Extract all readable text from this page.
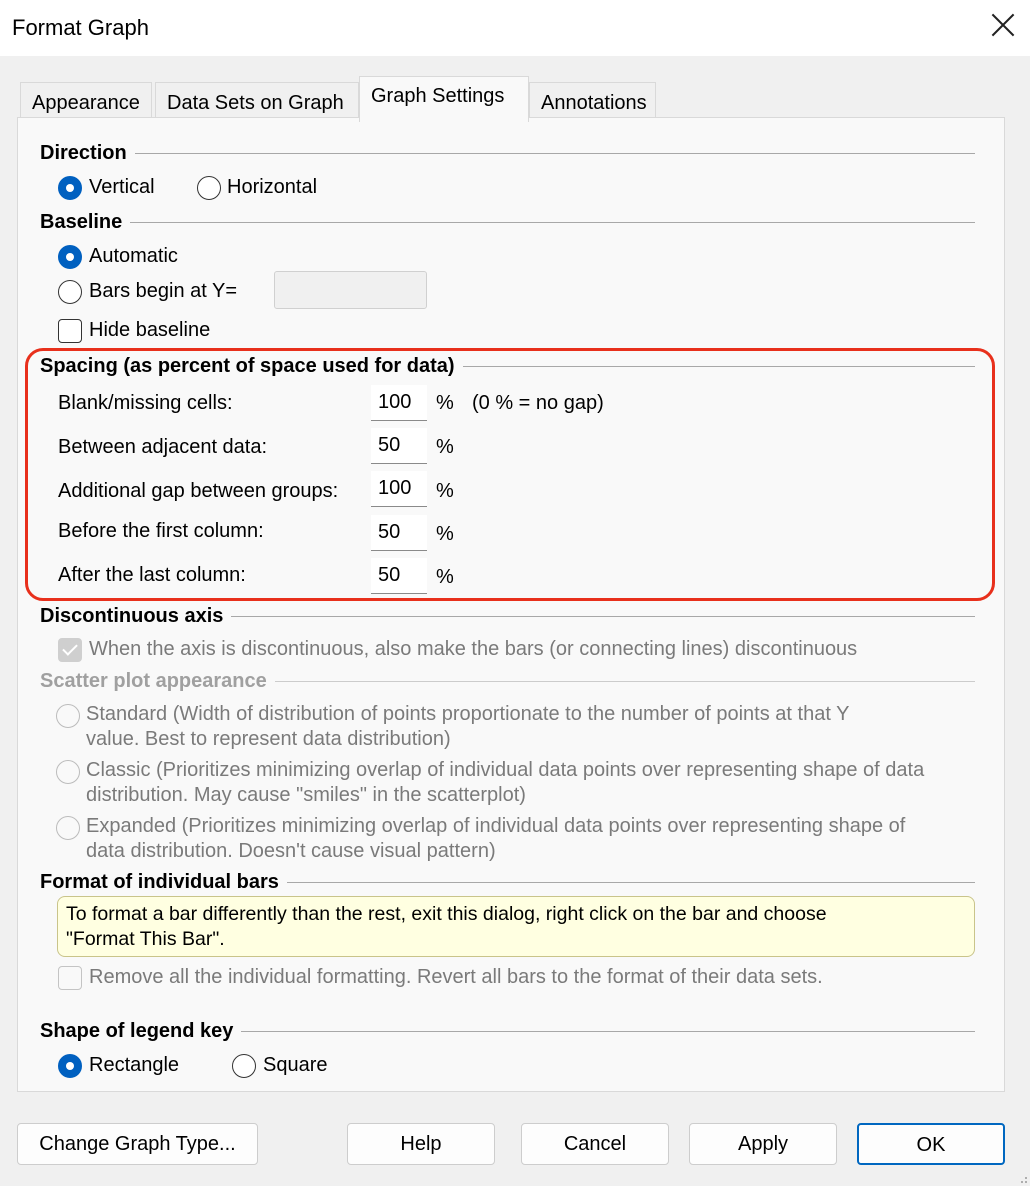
Format Graph
Appearance	Data Sets on Graph	Graph Settings	Annotations
Direction
Vertical	Horizontal
Baseline
Automatic
Bars begin at Y=
Hide baseline
Spacing (as percent of space used for data)
Blank/missing cells:	100	% (0 % = no gap)
Between adjacent data:	50	%
Additional gap between groups:	100	%
Before the first column:	50	%
After the last column:	50	%
Discontinuous axis
When the axis is discontinuous, also make the bars (or connecting lines) discontinuous
Scatter plot appearance
Standard (Width of distribution of points proportionate to the number of points at that Y
value. Best to represent data distribution)
Classic (Prioritizes minimizing overlap of individual data points over representing shape of data
distribution. May cause "smiles" in the scatterplot)
Expanded (Prioritizes minimizing overlap of individual data points over representing shape of
data distribution. Doesn't cause visual pattern)
Format of individual bars
To format a bar differently than the rest, exit this dialog, right click on the bar and choose
"Format This Bar".
Remove all the individual formatting. Revert all bars to the format of their data sets.
Shape of legend key
Rectangle	Square
Change Graph Type...	Help	Cancel	Apply	OK
